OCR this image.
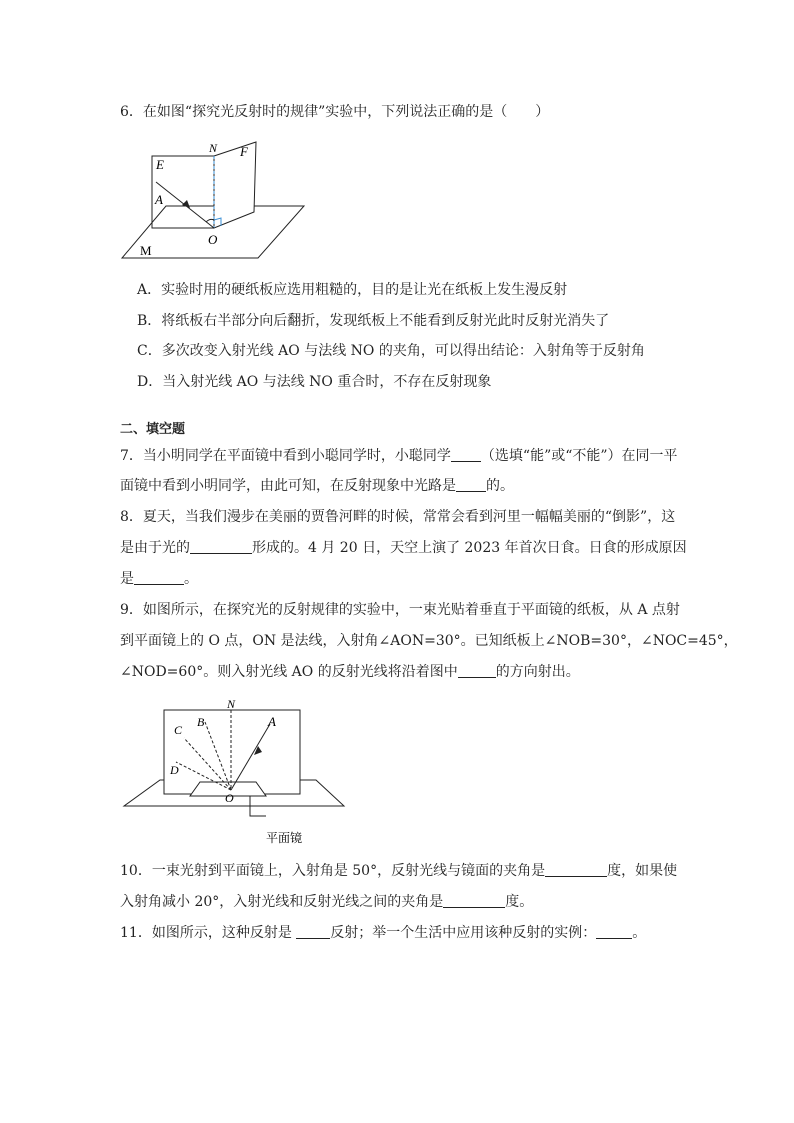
6．在如图“探究光反射时的规律”实验中，下列说法正确的是（　　）
N F
E
A
O
M
A．实验时用的硬纸板应选用粗糙的，目的是让光在纸板上发生漫反射
B．将纸板右半部分向后翻折，发现纸板上不能看到反射光此时反射光消失了
C．多次改变入射光线 AO 与法线 NO 的夹角，可以得出结论：入射角等于反射角
D．当入射光线 AO 与法线 NO 重合时，不存在反射现象
二、填空题
7．当小明同学在平面镜中看到小聪同学时，小聪同学 （选填“能”或“不能”）在同一平
面镜中看到小明同学，由此可知，在反射现象中光路是 的。
8．夏天，当我们漫步在美丽的贾鲁河畔的时候，常常会看到河里一幅幅美丽的“倒影”，这
是由于光的	形成的。4 月 20 日，天空上演了 2023 年首次日食。日食的形成原因
是	。
9．如图所示，在探究光的反射规律的实验中，一束光贴着垂直于平面镜的纸板，从 A 点射
到平面镜上的 O 点，ON 是法线，入射角∠AON=30°。已知纸板上∠NOB=30°，∠NOC=45°，
∠NOD=60°。则入射光线 AO 的反射光线将沿着图中	的方向射出。
N
A
B
C
D
O
平面镜
10．一束光射到平面镜上，入射角是 50°，反射光线与镜面的夹角是	度，如果使
入射角减小 20°，入射光线和反射光线之间的夹角是	度。
11．如图所示，这种反射是 反射；举一个生活中应用该种反射的实例：	。
